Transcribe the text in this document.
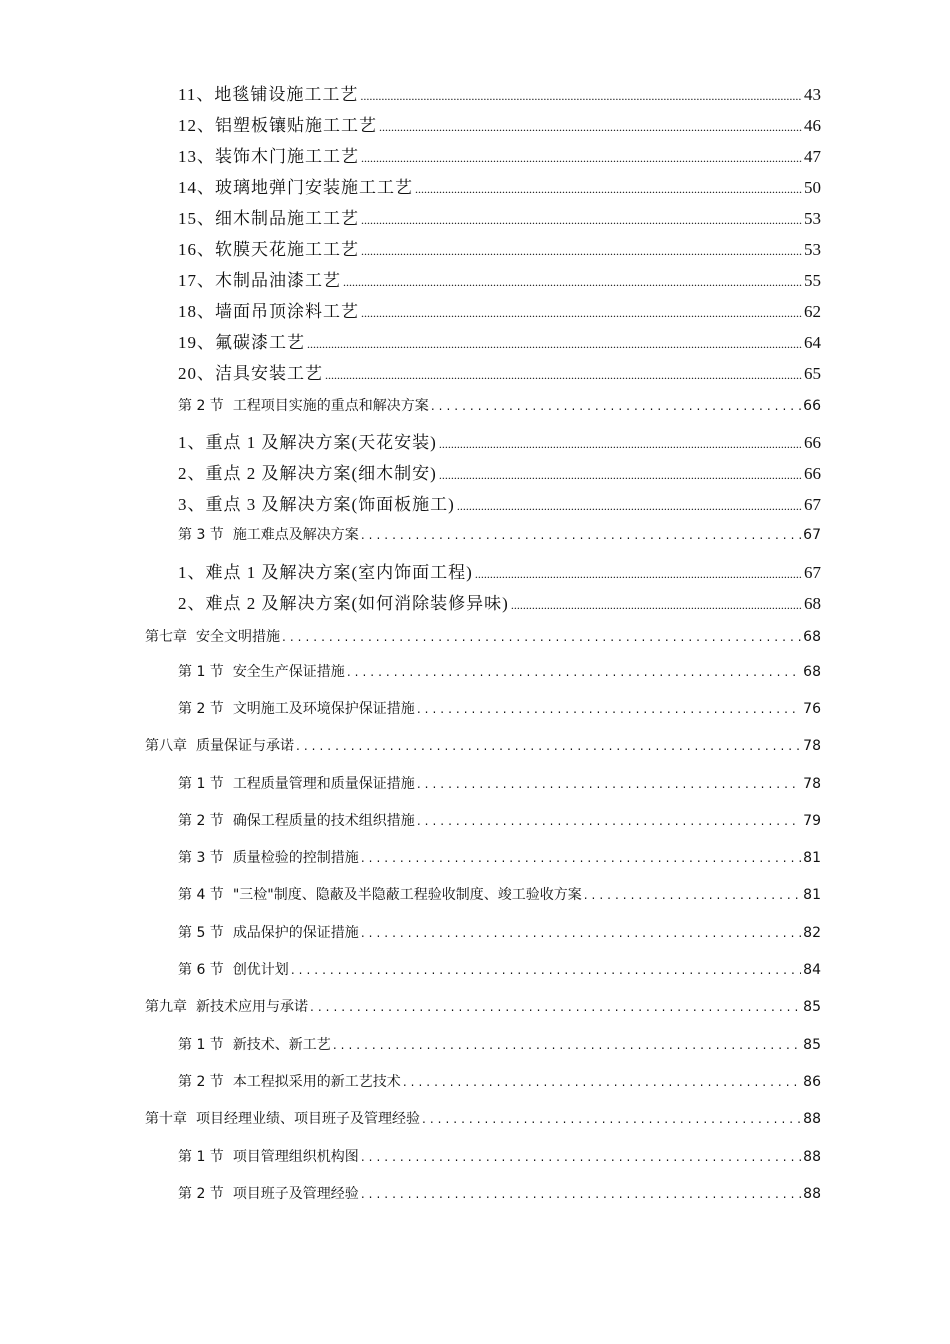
11、 地毯铺设施工工艺 .....	43
12、 铝塑板镶贴施工工艺 .....	46
13、 装饰木门施工工艺 .....	47
14、 玻璃地弹门安装施工工艺 .....	50
15、 细木制品施工工艺 .....	53
16、 软膜天花施工工艺 .....	53
17、 木制品油漆工艺 .....	55
18、 墙面吊顶涂料工艺 .....	62
19、 氟碳漆工艺 .....	64
20、 洁具安装工艺 .....	65
第 2 节 工程项目实施的重点和解决方案 .....	66
1、 重点 1 及解决方案(天花安装) .....	66
2、 重点 2 及解决方案(细木制安) .....	66
3、 重点 3 及解决方案(饰面板施工) .....	67
第 3 节 施工难点及解决方案 .....	67
1、 难点 1 及解决方案(室内饰面工程) .....	67
2、 难点 2 及解决方案(如何消除装修异味) .....	68
第七章 安全文明措施 .....	68
第 1 节 安全生产保证措施 .....	68
第 2 节 文明施工及环境保护保证措施 .....	76
第八章 质量保证与承诺 .....	78
第 1 节 工程质量管理和质量保证措施 .....	78
第 2 节 确保工程质量的技术组织措施 .....	79
第 3 节 质量检验的控制措施 .....	81
第 4 节 "三检"制度、隐蔽及半隐蔽工程验收制度、竣工验收方案 .....	81
第 5 节 成品保护的保证措施 .....	82
第 6 节 创优计划 .....	84
第九章 新技术应用与承诺 .....	85
第 1 节 新技术、新工艺 .....	85
第 2 节 本工程拟采用的新工艺技术 .....	86
第十章 项目经理业绩、项目班子及管理经验 .....	88
第 1 节 项目管理组织机构图 .....	88
第 2 节 项目班子及管理经验 .....	88
